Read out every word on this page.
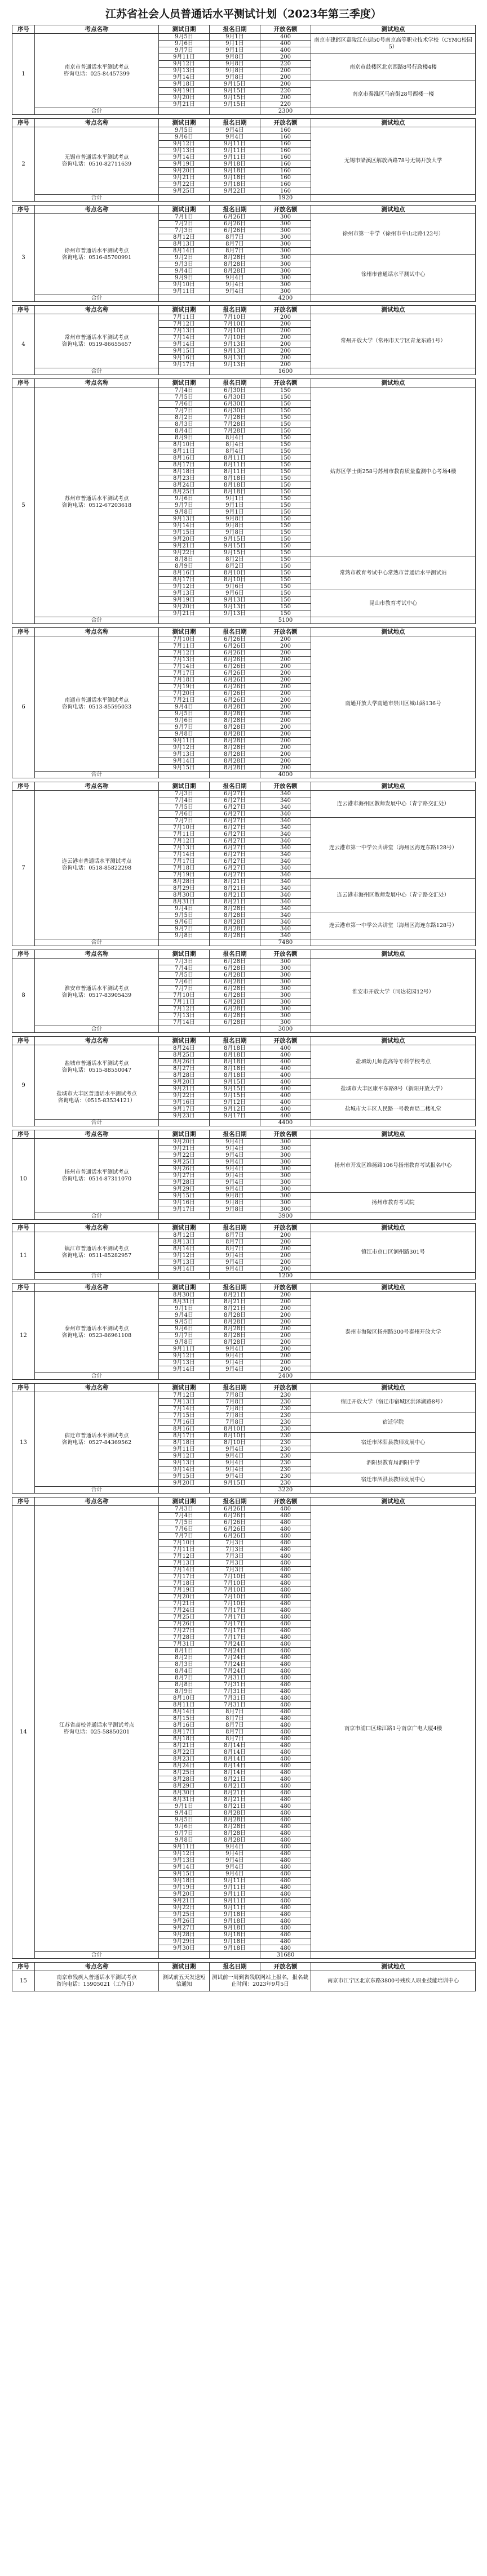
江苏省社会人员普通话水平测试计划（2023年第三季度）
序号	考点名称	测试日期	报名日期	开放名额	测试地点
1	南京市普通话水平测试考点
咨询电话：025-84457399	9月5日	9月1日	400	南京市建邺区嘉陵江东街50号南京高等职业技术学校（CYMG校园5）
		9月6日	9月1日	400	
		9月7日	9月1日	400	
		9月11日	9月8日	200	南京市鼓楼区北京西路8号行政楼4楼
		9月12日	9月8日	220	
		9月13日	9月8日	200	
		9月14日	9月8日	200	
		9月18日	9月15日	200	南京市秦淮区马府街28号西楼一楼
		9月19日	9月15日	220	
		9月20日	9月15日	200	
		9月21日	9月15日	220	
	合计			2300	
序号	考点名称	测试日期	报名日期	开放名额	测试地点
2	无锡市普通话水平测试考点
咨询电话：0510-82711639	9月5日	9月4日	160	无锡市梁溪区解放西路78号无锡开放大学
		9月6日	9月4日	160	
		9月12日	9月11日	160	
		9月13日	9月11日	160	
		9月14日	9月11日	160	
		9月19日	9月18日	160	
		9月20日	9月18日	160	
		9月21日	9月18日	160	
		9月22日	9月18日	160	
		9月25日	9月22日	160	
	合计			1920	
序号	考点名称	测试日期	报名日期	开放名额	测试地点
3	徐州市普通话水平测试考点
咨询电话：0516-85700991	7月1日	6月26日	300	徐州市第一中学（徐州市中山北路122号）
		7月2日	6月26日	300	
		7月3日	6月26日	300	
		8月12日	8月7日	300	
		8月13日	8月7日	300	
		8月14日	8月7日	300	
		9月2日	8月28日	300	徐州市普通话水平测试中心
		9月3日	8月28日	300	
		9月4日	8月28日	300	
		9月9日	9月4日	300	
		9月10日	9月4日	300	
		9月11日	9月4日	300	
	合计			4200	
序号	考点名称	测试日期	报名日期	开放名额	测试地点
4	常州市普通话水平测试考点
咨询电话：0519-86655657	7月11日	7月10日	200	常州开放大学（常州市天宁区青龙东路1号）
		7月12日	7月10日	200	
		7月13日	7月10日	200	
		7月14日	7月10日	200	
		9月14日	9月13日	200	
		9月15日	9月13日	200	
		9月16日	9月13日	200	
		9月17日	9月13日	200	
	合计			1600	
序号	考点名称	测试日期	报名日期	开放名额	测试地点
5	苏州市普通话水平测试考点
咨询电话：0512-67203618	7月4日	6月30日	150	姑苏区学士街258号苏州市教育质量监测中心考场4楼
		7月5日	6月30日	150	
		7月6日	6月30日	150	
		7月7日	6月30日	150	
		8月2日	7月28日	150	
		8月3日	7月28日	150	
		8月4日	7月28日	150	
		8月9日	8月4日	150	
		8月10日	8月4日	150	
		8月11日	8月4日	150	
		8月16日	8月11日	150	
		8月17日	8月11日	150	
		8月18日	8月11日	150	
		8月23日	8月18日	150	
		8月24日	8月18日	150	
		8月25日	8月18日	150	
		9月6日	9月1日	150	
		9月7日	9月1日	150	
		9月8日	9月1日	150	
		9月13日	9月8日	150	
		9月14日	9月8日	150	
		9月15日	9月8日	150	
		9月20日	9月15日	150	
		9月21日	9月15日	150	
		9月22日	9月15日	150	
		8月8日	8月2日	150	常熟市教育考试中心常熟市普通话水平测试站
		8月9日	8月2日	150	
		8月16日	8月10日	150	
		8月17日	8月10日	150	
		9月12日	9月6日	150	
		9月13日	9月6日	150	昆山市教育考试中心
		9月19日	9月13日	150	
		9月20日	9月13日	150	
		9月21日	9月13日	150	
	合计			5100	
序号	考点名称	测试日期	报名日期	开放名额	测试地点
6	南通市普通话水平测试考点
咨询电话：0513-85595033	7月10日	6月26日	200	南通开放大学南通市崇川区城山路136号
		7月11日	6月26日	200	
		7月12日	6月26日	200	
		7月13日	6月26日	200	
		7月14日	6月26日	200	
		7月17日	6月26日	200	
		7月18日	6月26日	200	
		7月19日	6月26日	200	
		7月20日	6月26日	200	
		7月21日	6月26日	200	
		9月4日	8月28日	200	
		9月5日	8月28日	200	
		9月6日	8月28日	200	
		9月7日	8月28日	200	
		9月8日	8月28日	200	
		9月11日	8月28日	200	
		9月12日	8月28日	200	
		9月13日	8月28日	200	
		9月14日	8月28日	200	
		9月15日	8月28日	200	
	合计			4000	
序号	考点名称	测试日期	报名日期	开放名额	测试地点
7	连云港市普通话水平测试考点
咨询电话：0518-85822298	7月3日	6月27日	340	连云港市海州区教师发展中心（青宁路交汇处）
		7月4日	6月27日	340	
		7月5日	6月27日	340	
		7月6日	6月27日	340	
		7月7日	6月27日	340	连云港市第一中学公共讲堂（海州区海连东路128号）
		7月10日	6月27日	340	
		7月11日	6月27日	340	
		7月12日	6月27日	340	
		7月13日	6月27日	340	
		7月14日	6月27日	340	
		7月17日	6月27日	340	
		7月18日	6月27日	340	
		7月19日	6月27日	340	
		8月28日	8月21日	340	连云港市海州区教师发展中心（青宁路交汇处）
		8月29日	8月21日	340	
		8月30日	8月21日	340	
		8月31日	8月21日	340	
		9月4日	8月28日	340	
		9月5日	8月28日	340	连云港市第一中学公共讲堂（海州区海连东路128号）
		9月6日	8月28日	340	
		9月7日	8月28日	340	
		9月8日	8月28日	340	
	合计			7480	
序号	考点名称	测试日期	报名日期	开放名额	测试地点
8	淮安市普通话水平测试考点
咨询电话：0517-83905439	7月3日	6月28日	300	淮安市开放大学（同达花园12号）
		7月4日	6月28日	300	
		7月5日	6月28日	300	
		7月6日	6月28日	300	
		7月7日	6月28日	300	
		7月10日	6月28日	300	
		7月11日	6月28日	300	
		7月12日	6月28日	300	
		7月13日	6月28日	300	
		7月14日	6月28日	300	
	合计			3000	
序号	考点名称	测试日期	报名日期	开放名额	测试地点
9	盐城市普通话水平测试考点
咨询电话：0515-88550047
盐城市大丰区普通话水平测试考点
咨询电话：（0515-83534121）	8月24日	8月18日	400	盐城幼儿师范高等专科学校考点
		8月25日	8月18日	400	
		8月26日	8月18日	400	
		8月27日	8月18日	400	
		8月28日	8月18日	400	
		9月20日	9月15日	400	盐城市大丰区康平东路8号（新阳开放大学）
		9月21日	9月15日	400	
		9月22日	9月15日	400	
		9月16日	9月12日	400	盐城市大丰区人民路一号教育局二楼礼堂
		9月17日	9月12日	400	
		9月23日	9月17日	400	
	合计			4400	
序号	考点名称	测试日期	报名日期	开放名额	测试地点
10	扬州市普通话水平测试考点
咨询电话：0514-87311070	9月20日	9月4日	300	扬州市开发区维扬路106号扬州教育考试报名中心
		9月21日	9月4日	300	
		9月22日	9月4日	300	
		9月25日	9月4日	300	
		9月26日	9月4日	300	
		9月27日	9月4日	300	
		9月28日	9月4日	300	
		9月29日	9月4日	300	
		9月15日	9月8日	300	扬州市教育考试院
		9月16日	9月8日	300	
		9月17日	9月8日	300	
	合计			3900	
序号	考点名称	测试日期	报名日期	开放名额	测试地点
11	镇江市普通话水平测试考点
咨询电话：0511-85282957	8月12日	8月7日	200	镇江市京口区润州路301号
		8月13日	8月7日	200	
		8月14日	8月7日	200	
		9月12日	9月4日	200	
		9月13日	9月4日	200	
		9月14日	9月4日	200	
	合计			1200	
序号	考点名称	测试日期	报名日期	开放名额	测试地点
12	泰州市普通话水平测试考点
咨询电话：0523-86961108	8月30日	8月21日	200	泰州市海陵区扬州路300号泰州开放大学
		8月31日	8月21日	200	
		9月1日	8月21日	200	
		9月4日	8月28日	200	
		9月5日	8月28日	200	
		9月6日	8月28日	200	
		9月7日	8月28日	200	
		9月8日	8月28日	200	
		9月11日	9月4日	200	
		9月12日	9月4日	200	
		9月13日	9月4日	200	
		9月14日	9月4日	200	
	合计			2400	
序号	考点名称	测试日期	报名日期	开放名额	测试地点
13	宿迁市普通话水平测试考点
咨询电话：0527-84369562	7月12日	7月8日	230	宿迁开放大学（宿迁市宿城区洪泽湖路8号）
		7月13日	7月8日	230	
		7月14日	7月8日	230	
		7月15日	7月8日	230	宿迁学院
		7月16日	7月8日	230	
		8月16日	8月10日	230	
		8月17日	8月10日	230	宿迁市沭阳县教师发展中心
		8月18日	8月10日	230	
		9月11日	9月4日	230	
		9月12日	9月4日	230	泗阳县教育局泗阳中学
		9月13日	9月4日	230	
		9月14日	9月4日	230	
		9月15日	9月4日	230	宿迁市泗洪县教师发展中心
		9月20日	9月15日	230	
	合计			3220	
序号	考点名称	测试日期	报名日期	开放名额	测试地点
14	江苏省高校普通话水平测试考点
咨询电话：025-58850201	7月3日	6月26日	480	南京市浦口区珠江路1号南京广电大厦4楼
		7月4日	6月26日	480	
		7月5日	6月26日	480	
		7月6日	6月26日	480	
		7月7日	6月26日	480	
		7月10日	7月3日	480	
		7月11日	7月3日	480	
		7月12日	7月3日	480	
		7月13日	7月3日	480	
		7月14日	7月3日	480	
		7月17日	7月10日	480	
		7月18日	7月10日	480	
		7月19日	7月10日	480	
		7月20日	7月10日	480	
		7月21日	7月10日	480	
		7月24日	7月17日	480	
		7月25日	7月17日	480	
		7月26日	7月17日	480	
		7月27日	7月17日	480	
		7月28日	7月17日	480	
		7月31日	7月24日	480	
		8月1日	7月24日	480	
		8月2日	7月24日	480	
		8月3日	7月24日	480	
		8月4日	7月24日	480	
		8月7日	7月31日	480	
		8月8日	7月31日	480	
		8月9日	7月31日	480	
		8月10日	7月31日	480	
		8月11日	7月31日	480	
		8月14日	8月7日	480	
		8月15日	8月7日	480	
		8月16日	8月7日	480	
		8月17日	8月7日	480	
		8月18日	8月7日	480	
		8月21日	8月14日	480	
		8月22日	8月14日	480	
		8月23日	8月14日	480	
		8月24日	8月14日	480	
		8月25日	8月14日	480	
		8月28日	8月21日	480	
		8月29日	8月21日	480	
		8月30日	8月21日	480	
		8月31日	8月21日	480	
		9月1日	8月21日	480	
		9月4日	8月28日	480	
		9月5日	8月28日	480	
		9月6日	8月28日	480	
		9月7日	8月28日	480	
		9月8日	8月28日	480	
		9月11日	9月4日	480	
		9月12日	9月4日	480	
		9月13日	9月4日	480	
		9月14日	9月4日	480	
		9月15日	9月4日	480	
		9月18日	9月11日	480	
		9月19日	9月11日	480	
		9月20日	9月11日	480	
		9月21日	9月11日	480	
		9月22日	9月11日	480	
		9月25日	9月18日	480	
		9月26日	9月18日	480	
		9月27日	9月18日	480	
		9月28日	9月18日	480	
		9月29日	9月18日	480	
		9月30日	9月18日	480	
	合计			31680	
序号	考点名称	测试日期	报名日期	开放名额	测试地点
15	南京市残疾人普通话水平测试考点
咨询电话：15905021（工作日）	测试前五天发送短信通知	测试前一周到省残联网站上报名，报名截止时间：2023年9月5日		南京市江宁区北京东路3800号残疾人职业技能培训中心
